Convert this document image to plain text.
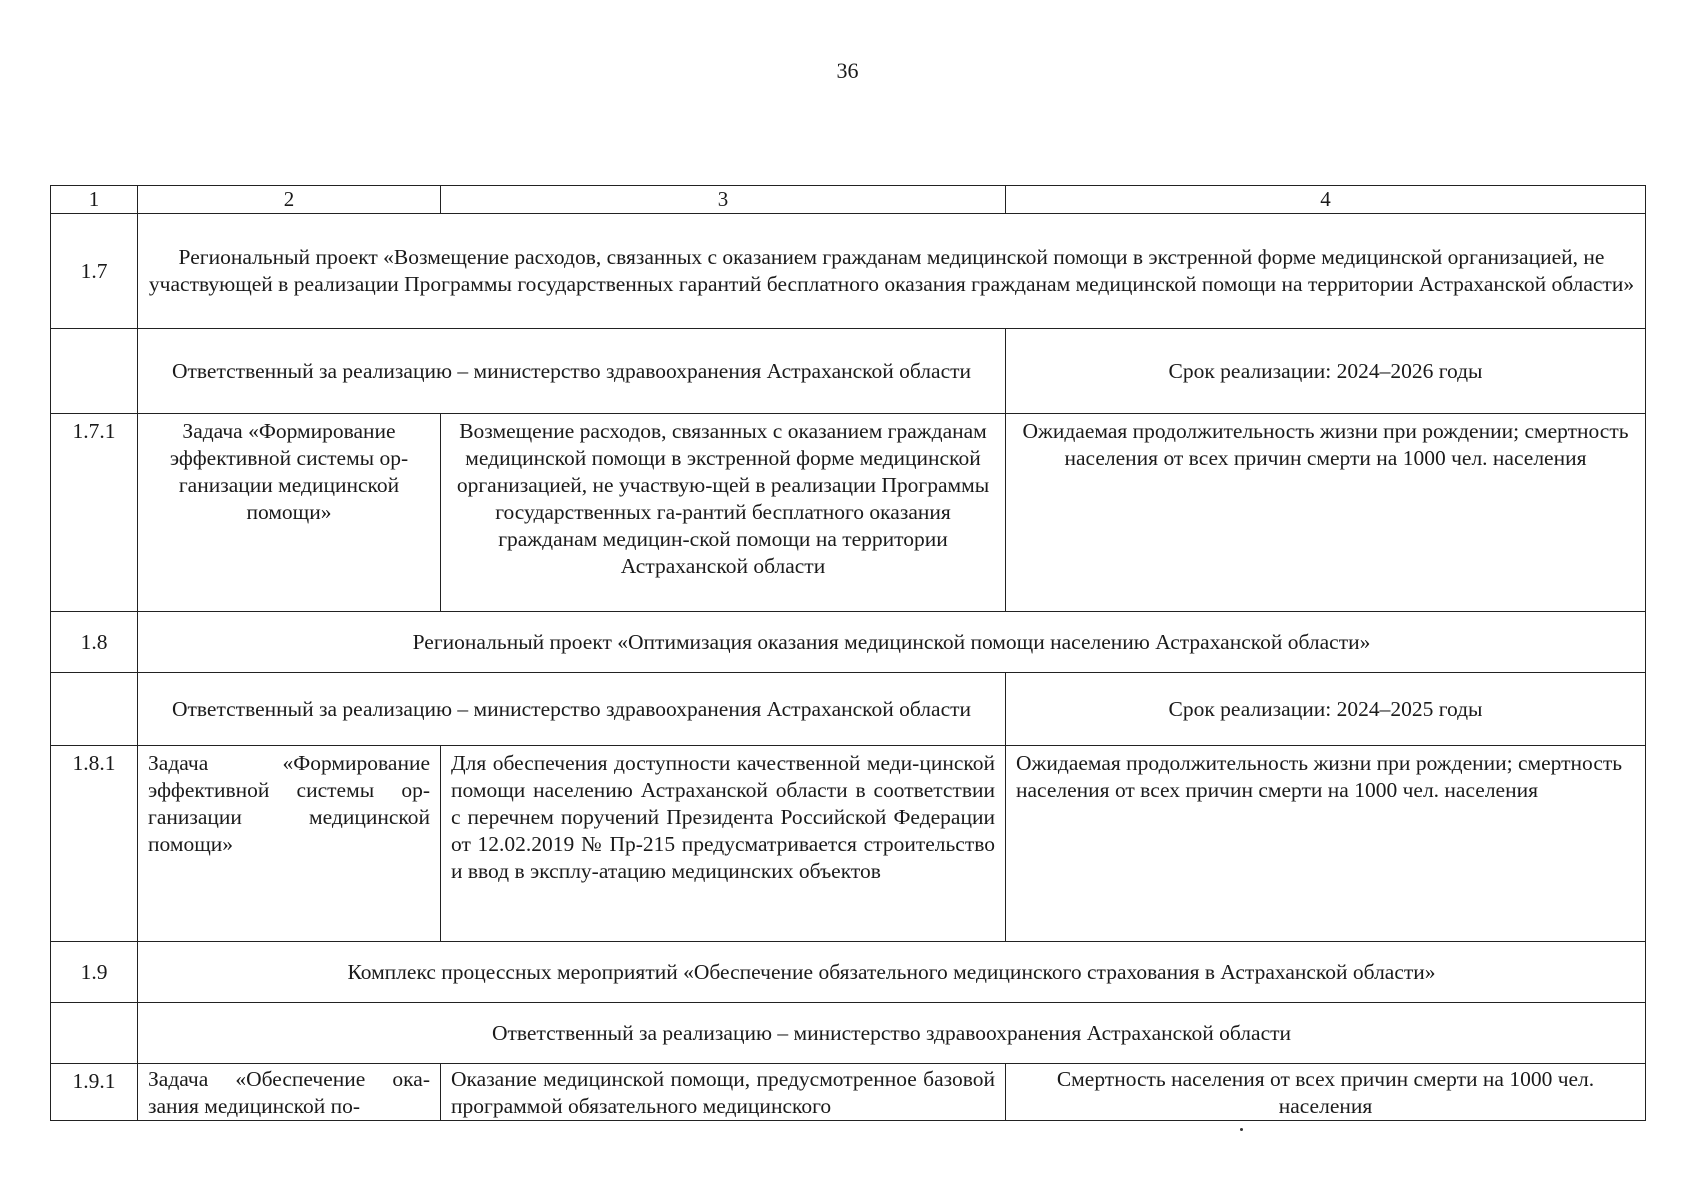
36
1	2	3	4
1.7	Региональный проект «Возмещение расходов, связанных с оказанием гражданам медицинской помощи в экстренной форме медицинской организацией, не участвующей в реализации Программы государственных гарантий бесплатного оказания гражданам медицинской помощи на территории Астраханской области»		
	Ответственный за реализацию – министерство здравоохранения Астраханской области		Срок реализации: 2024–2026 годы
1.7.1	Задача «Формирование эффективной системы ор-ганизации медицинской помощи»	Возмещение расходов, связанных с оказанием гражданам медицинской помощи в экстренной форме медицинской организацией, не участвую-щей в реализации Программы государственных га-рантий бесплатного оказания гражданам медицин-ской помощи на территории Астраханской области	Ожидаемая продолжительность жизни при рождении; смертность населения от всех причин смерти на 1000 чел. населения
1.8	Региональный проект «Оптимизация оказания медицинской помощи населению Астраханской области»		
	Ответственный за реализацию – министерство здравоохранения Астраханской области		Срок реализации: 2024–2025 годы
1.8.1	Задача «Формирование эффективной системы ор-ганизации медицинской помощи»	Для обеспечения доступности качественной меди-цинской помощи населению Астраханской области в соответствии с перечнем поручений Президента Российской Федерации от 12.02.2019 № Пр-215 предусматривается строительство и ввод в эксплу-атацию медицинских объектов	Ожидаемая продолжительность жизни при рождении; смертность населения от всех причин смерти на 1000 чел. населения
1.9	Комплекс процессных мероприятий «Обеспечение обязательного медицинского страхования в Астраханской области»		
	Ответственный за реализацию – министерство здравоохранения Астраханской области		
1.9.1	Задача «Обеспечение ока-зания медицинской по-	Оказание медицинской помощи, предусмотренное базовой программой обязательного медицинского	Смертность населения от всех причин смерти на 1000 чел. населения
